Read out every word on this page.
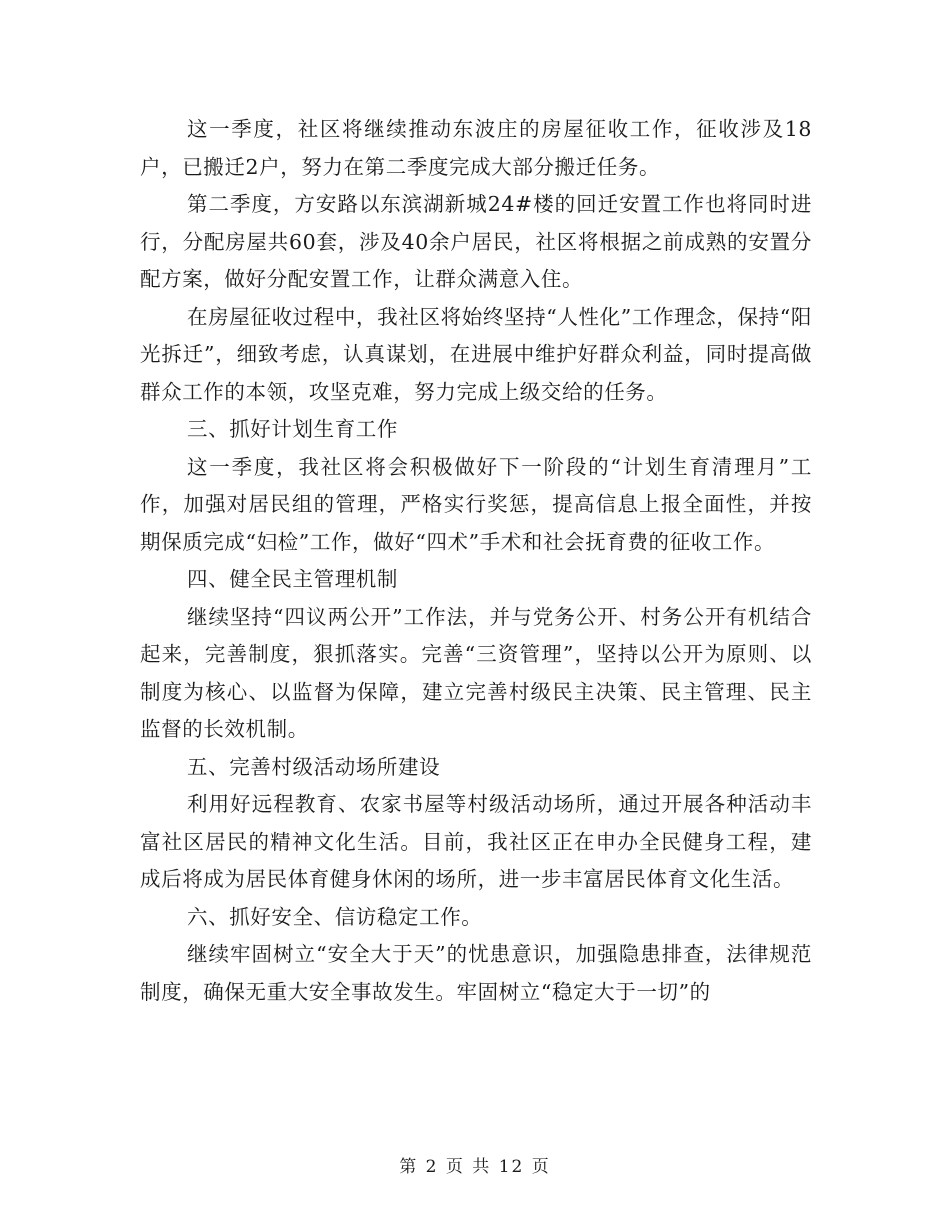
这一季度，社区将继续推动东波庄的房屋征收工作，征收涉及18户，已搬迁2户，努力在第二季度完成大部分搬迁任务。

第二季度，方安路以东滨湖新城24#楼的回迁安置工作也将同时进行，分配房屋共60套，涉及40余户居民，社区将根据之前成熟的安置分配方案，做好分配安置工作，让群众满意入住。

在房屋征收过程中，我社区将始终坚持“人性化”工作理念，保持“阳光拆迁”，细致考虑，认真谋划，在进展中维护好群众利益，同时提高做群众工作的本领，攻坚克难，努力完成上级交给的任务。

三、抓好计划生育工作

这一季度，我社区将会积极做好下一阶段的“计划生育清理月”工作，加强对居民组的管理，严格实行奖惩，提高信息上报全面性，并按期保质完成“妇检”工作，做好“四术”手术和社会抚育费的征收工作。

四、健全民主管理机制

继续坚持“四议两公开”工作法，并与党务公开、村务公开有机结合起来，完善制度，狠抓落实。完善“三资管理”，坚持以公开为原则、以制度为核心、以监督为保障，建立完善村级民主决策、民主管理、民主监督的长效机制。

五、完善村级活动场所建设

利用好远程教育、农家书屋等村级活动场所，通过开展各种活动丰富社区居民的精神文化生活。目前，我社区正在申办全民健身工程，建成后将成为居民体育健身休闲的场所，进一步丰富居民体育文化生活。

六、抓好安全、信访稳定工作。

继续牢固树立“安全大于天”的忧患意识，加强隐患排查，法律规范制度，确保无重大安全事故发生。牢固树立“稳定大于一切”的

第 2 页 共 12 页
